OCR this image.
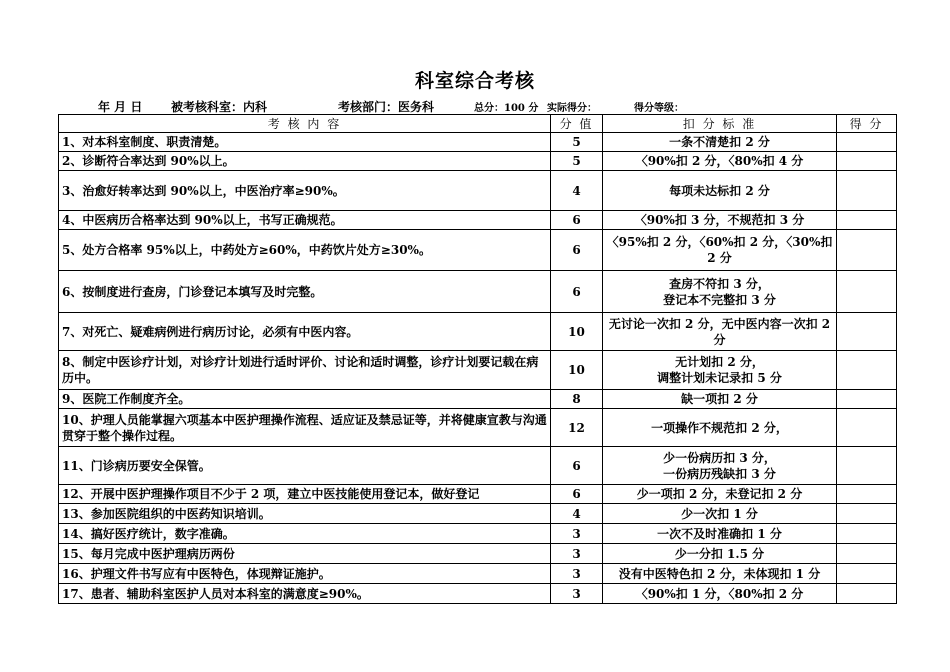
科室综合考核
年 月 日 被考核科室：内科	考核部门：医务科	总分：100 分 实际得分：	得分等级：
考 核 内 容	分 值	扣 分 标 准	得 分
1、对本科室制度、职责清楚。	5	一条不清楚扣 2 分	
2、诊断符合率达到 90%以上。	5	〈90%扣 2 分，〈80%扣 4 分	
3、治愈好转率达到 90%以上，中医治疗率≥90%。	4	每项未达标扣 2 分	
4、中医病历合格率达到 90%以上，书写正确规范。	6	〈90%扣 3 分，不规范扣 3 分	
5、处方合格率 95%以上，中药处方≥60%，中药饮片处方≥30%。	6	〈95%扣 2 分，〈60%扣 2 分，〈30%扣 2 分	
6、按制度进行查房，门诊登记本填写及时完整。	6	查房不符扣 3 分，
登记本不完整扣 3 分	
7、对死亡、疑难病例进行病历讨论，必须有中医内容。	10	无讨论一次扣 2 分，无中医内容一次扣 2 分	
8、制定中医诊疗计划，对诊疗计划进行适时评价、讨论和适时调整，诊疗计划要记载在病历中。	10	无计划扣 2 分，
调整计划未记录扣 5 分	
9、医院工作制度齐全。	8	缺一项扣 2 分	
10、护理人员能掌握六项基本中医护理操作流程、适应证及禁忌证等，并将健康宣教与沟通贯穿于整个操作过程。	12	一项操作不规范扣 2 分，	
11、门诊病历要安全保管。	6	少一份病历扣 3 分，
一份病历残缺扣 3 分	
12、开展中医护理操作项目不少于 2 项，建立中医技能使用登记本，做好登记	6	少一项扣 2 分，未登记扣 2 分	
13、参加医院组织的中医药知识培训。	4	少一次扣 1 分	
14、搞好医疗统计，数字准确。	3	一次不及时准确扣 1 分	
15、每月完成中医护理病历两份	3	少一分扣 1.5 分	
16、护理文件书写应有中医特色，体现辩证施护。	3	没有中医特色扣 2 分，未体现扣 1 分	
17、患者、辅助科室医护人员对本科室的满意度≥90%。	3	〈90%扣 1 分，〈80%扣 2 分	
